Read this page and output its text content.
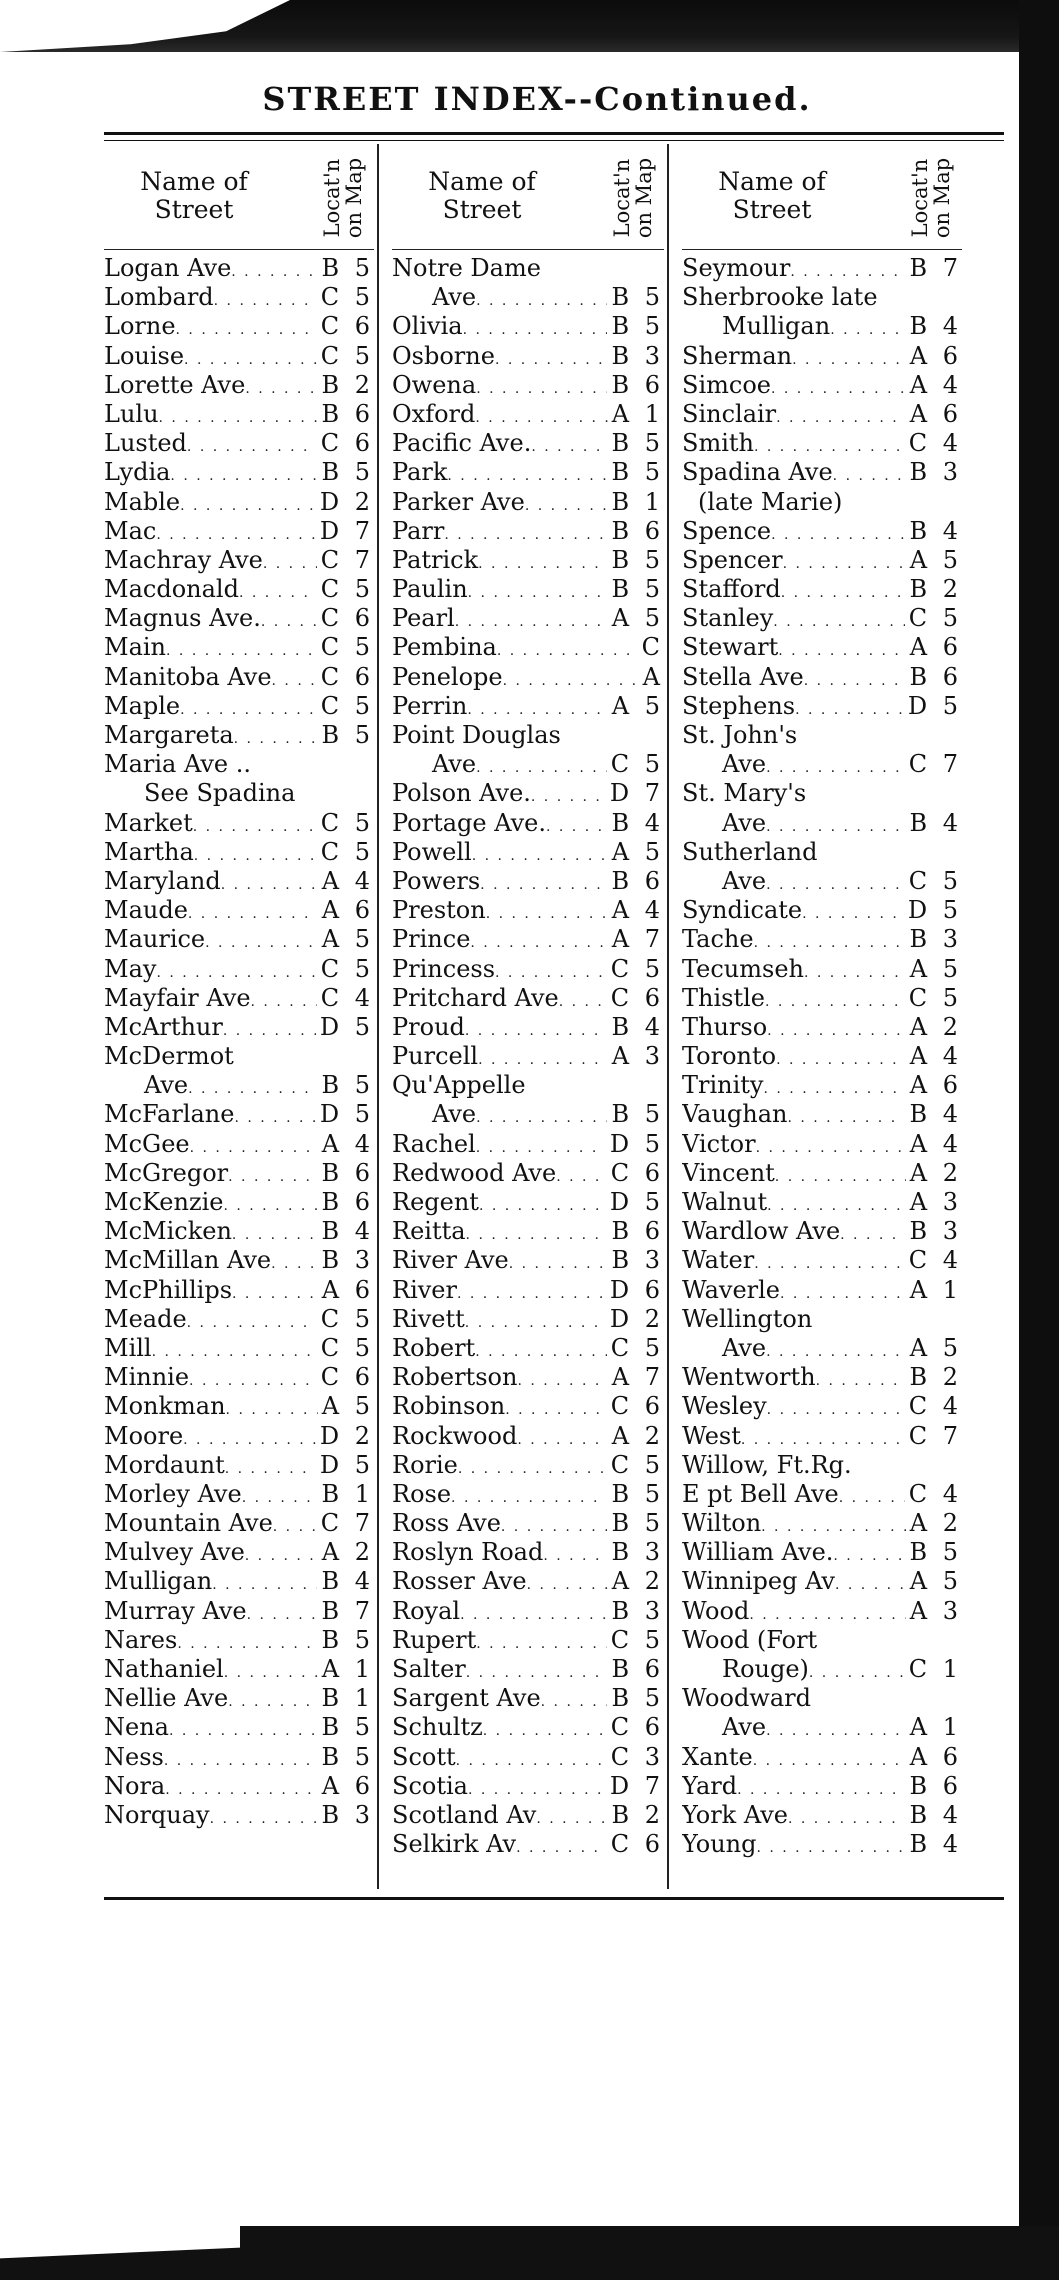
STREET INDEX--Continued.
Name of
Street	Locat'n
on Map
Logan Ave . . .	B 5
Lombard . . .	C 5
Lorne . . .	C 6
Louise . . .	C 5
Lorette Ave . . .	B 2
Lulu . . .	B 6
Lusted . . .	C 6
Lydia . . .	B 5
Mable . . .	D 2
Mac . . .	D 7
Machray Ave . . . C 7
Macdonald . . .	C 5
Magnus Ave. . . . C 6
Main . . .	C 5
Manitoba Ave . . . C 6
Maple . . .	C 5
Margareta . . .	B 5
Maria Ave ..
See Spadina
Market . . .	C 5
Martha . . .	C 5
Maryland . . .	A 4
Maude . . .	A 6
Maurice . . .	A 5
May . . .	C 5
Mayfair Ave . . .	C 4
McArthur . . .	D 5
McDermot
Ave . . .	B 5
McFarlane . . .	D 5
McGee . . .	A 4
McGregor . . .	B 6
McKenzie . . .	B 6
McMicken . . .	B 4
McMillan Ave . . . B 3
McPhillips . . .	A 6
Meade . . .	C 5
Mill . . .	C 5
Minnie . . .	C 6
Monkman . . .	A 5
Moore . . .	D 2
Mordaunt . . .	D 5
Morley Ave . . .	B 1
Mountain Ave . . . C 7
Mulvey Ave . . .	A 2
Mulligan . . .	B 4
Murray Ave . . .	B 7
Nares . . .	B 5
Nathaniel . . .	A 1
Nellie Ave . . .	B 1
Nena . . .	B 5
Ness . . .	B 5
Nora . . .	A 6
Norquay . . .	B 3
Name of
Street	Locat'n
on Map
Notre Dame
Ave . . .	B 5
Olivia . . .	B 5
Osborne . . .	B 3
Owena . . .	B 6
Oxford . . .	A 1
Pacific Ave. . . .	B 5
Park . . .	B 5
Parker Ave . . .	B 1
Parr . . .	B 6
Patrick . . .	B 5
Paulin . . .	B 5
Pearl . . .	A 5
Pembina . . .	C
Penelope . . .	A
Perrin . . .	A 5
Point Douglas
Ave . . .	C 5
Polson Ave. . . .	D 7
Portage Ave. . . .	B 4
Powell . . .	A 5
Powers . . .	B 6
Preston . . .	A 4
Prince . . .	A 7
Princess . . .	C 5
Pritchard Ave . . . C 6
Proud . . .	B 4
Purcell . . .	A 3
Qu'Appelle
Ave . . .	B 5
Rachel . . .	D 5
Redwood Ave . . . C 6
Regent . . .	D 5
Reitta . . .	B 6
River Ave . . .	B 3
River . . .	D 6
Rivett . . .	D 2
Robert . . .	C 5
Robertson . . .	A 7
Robinson . . .	C 6
Rockwood . . .	A 2
Rorie . . .	C 5
Rose . . .	B 5
Ross Ave . . .	B 5
Roslyn Road . . .	B 3
Rosser Ave . . .	A 2
Royal . . .	B 3
Rupert . . .	C 5
Salter . . .	B 6
Sargent Ave . . .	B 5
Schultz . . .	C 6
Scott . . .	C 3
Scotia . . .	D 7
Scotland Av . . .	B 2
Selkirk Av . . .	C 6
Name of
Street	Locat'n
on Map
Seymour . . .	B 7
Sherbrooke late
Mulligan . . .	B 4
Sherman . . .	A 6
Simcoe . . .	A 4
Sinclair . . .	A 6
Smith . . .	C 4
Spadina Ave . . .	B 3
(late Marie)
Spence . . .	B 4
Spencer . . .	A 5
Stafford . . .	B 2
Stanley . . .	C 5
Stewart . . .	A 6
Stella Ave . . .	B 6
Stephens . . .	D 5
St. John's
Ave . . .	C 7
St. Mary's
Ave . . .	B 4
Sutherland
Ave . . .	C 5
Syndicate . . .	D 5
Tache . . .	B 3
Tecumseh . . .	A 5
Thistle . . .	C 5
Thurso . . .	A 2
Toronto . . .	A 4
Trinity . . .	A 6
Vaughan . . .	B 4
Victor . . .	A 4
Vincent . . .	A 2
Walnut . . .	A 3
Wardlow Ave . . .	B 3
Water . . .	C 4
Waverle . . .	A 1
Wellington
Ave . . .	A 5
Wentworth . . .	B 2
Wesley . . .	C 4
West . . .	C 7
Willow, Ft.Rg.
E pt Bell Ave . . .	C 4
Wilton . . .	A 2
William Ave. . . .	B 5
Winnipeg Av . . .	A 5
Wood . . .	A 3
Wood (Fort
Rouge) . . .	C 1
Woodward
Ave . . .	A 1
Xante . . .	A 6
Yard . . .	B 6
York Ave . . .	B 4
Young . . .	B 4
